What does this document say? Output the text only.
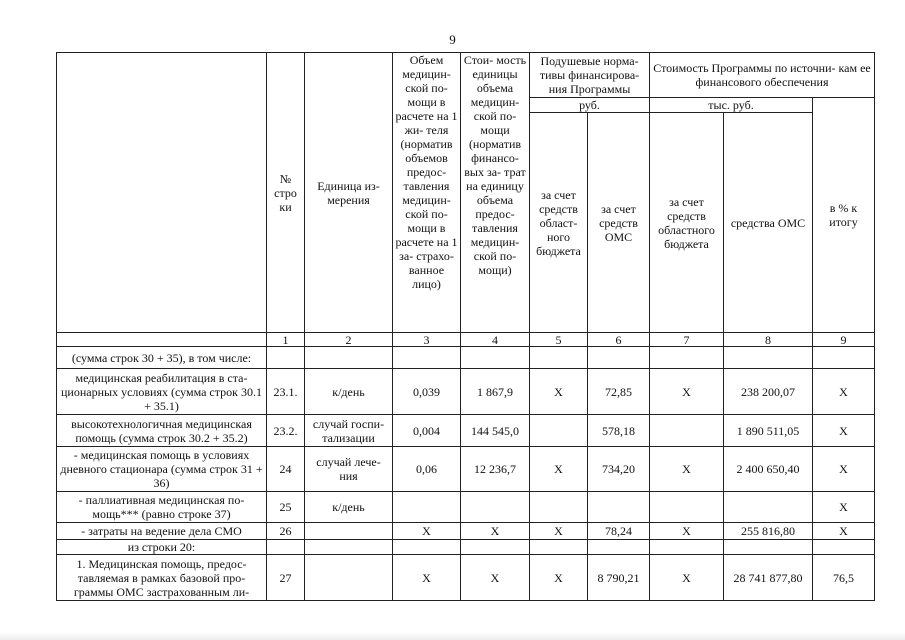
9
	№ стро ки	Единица из- мерения	Объем медицин- ской по- мощи в расчете на 1 жи- теля (норматив объемов предос- тавления медицин- ской по- мощи в расчете на 1 за- страхо- ванное лицо)	Стои- мость единицы объема медицин- ской по- мощи (норматив финансо- вых за- трат на единицу объема предос- тавления медицин- ской по- мощи)	Подушевые норма- тивы финансирова- ния Программы		Стоимость Программы по источни- кам ее финансового обеспечения		
					руб.		тыс. руб.		в % к итогу
					за счет средств област- ного бюджета	за счет средств ОМС	за счет средств областного бюджета	средства ОМС	
	1	2	3	4	5	6	7	8	9
(сумма строк 30 + 35), в том числе:									
медицинская реабилитация в ста- ционарных условиях (сумма строк 30.1 + 35.1)	23.1.	к/день	0,039	1 867,9	Х	72,85	Х	238 200,07	Х
высокотехнологичная медицинская помощь (сумма строк 30.2 + 35.2)	23.2.	случай госпи- тализации	0,004	144 545,0		578,18		1 890 511,05	Х
- медицинская помощь в условиях дневного стационара (сумма строк 31 + 36)	24	случай лече- ния	0,06	12 236,7	Х	734,20	Х	2 400 650,40	Х
- паллиативная медицинская по- мощь*** (равно строке 37)	25	к/день							Х
- затраты на ведение дела СМО	26		Х	Х	Х	78,24	Х	255 816,80	Х
из строки 20:									
1. Медицинская помощь, предос- тавляемая в рамках базовой про- граммы ОМС застрахованным ли-	27		Х	Х	Х	8 790,21	Х	28 741 877,80	76,5
